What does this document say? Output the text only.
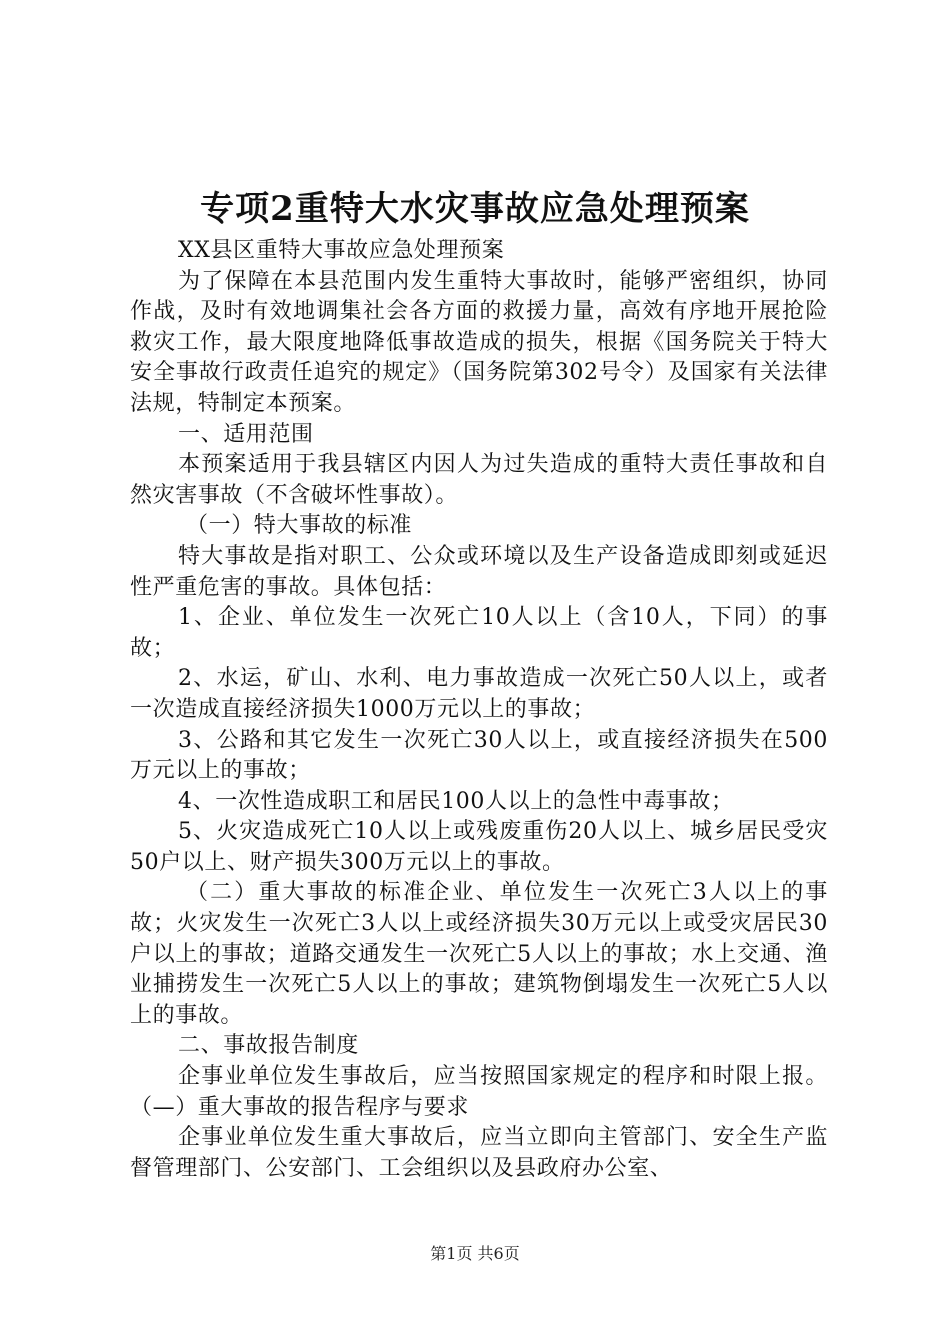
专项2重特大水灾事故应急处理预案

XX县区重特大事故应急处理预案

为了保障在本县范围内发生重特大事故时，能够严密组织，协同作战，及时有效地调集社会各方面的救援力量，高效有序地开展抢险救灾工作，最大限度地降低事故造成的损失，根据《国务院关于特大安全事故行政责任追究的规定》（国务院第302号令）及国家有关法律法规，特制定本预案。

一、适用范围

本预案适用于我县辖区内因人为过失造成的重特大责任事故和自然灾害事故（不含破坏性事故）。

（一）特大事故的标准

特大事故是指对职工、公众或环境以及生产设备造成即刻或延迟性严重危害的事故。具体包括：

1、企业、单位发生一次死亡10人以上（含10人，下同）的事故；

2、水运，矿山、水利、电力事故造成一次死亡50人以上，或者一次造成直接经济损失1000万元以上的事故；

3、公路和其它发生一次死亡30人以上，或直接经济损失在500万元以上的事故；

4、一次性造成职工和居民100人以上的急性中毒事故；

5、火灾造成死亡10人以上或残废重伤20人以上、城乡居民受灾50户以上、财产损失300万元以上的事故。

（二）重大事故的标准企业、单位发生一次死亡3人以上的事故；火灾发生一次死亡3人以上或经济损失30万元以上或受灾居民30户以上的事故；道路交通发生一次死亡5人以上的事故；水上交通、渔业捕捞发生一次死亡5人以上的事故；建筑物倒塌发生一次死亡5人以上的事故。

二、事故报告制度

企事业单位发生事故后，应当按照国家规定的程序和时限上报。（—）重大事故的报告程序与要求

企事业单位发生重大事故后，应当立即向主管部门、安全生产监督管理部门、公安部门、工会组织以及县政府办公室、

第1页 共6页
